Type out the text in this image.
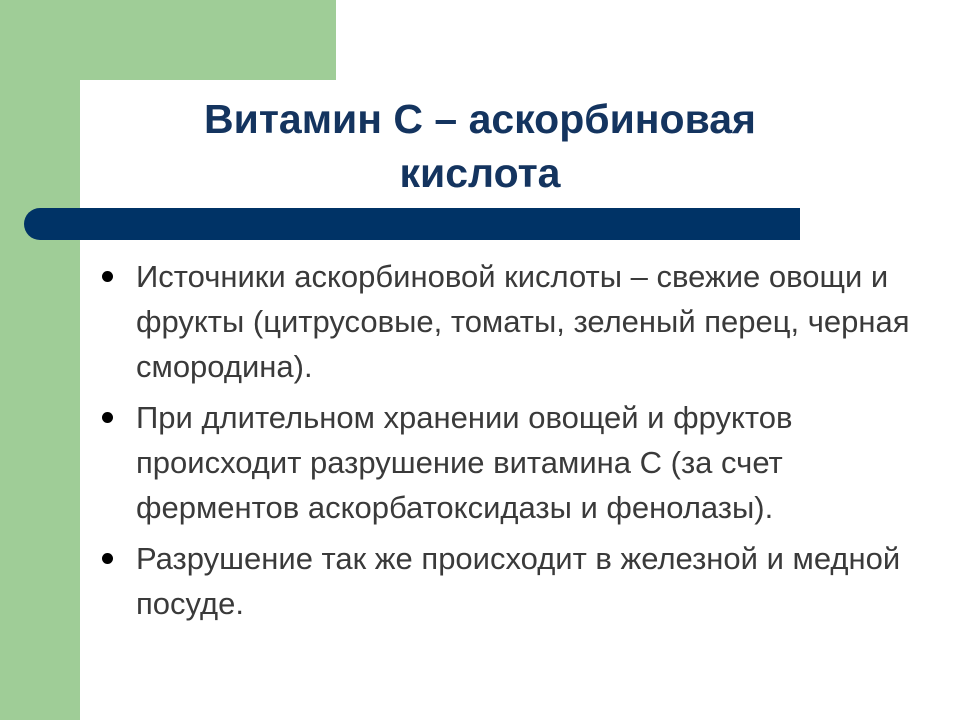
Витамин С – аскорбиновая
кислота
Источники аскорбиновой кислоты – свежие овощи и фрукты (цитрусовые, томаты, зеленый перец, черная смородина).
При длительном хранении овощей и фруктов происходит разрушение витамина С (за счет ферментов аскорбатоксидазы и фенолазы).
Разрушение так же происходит в железной и медной посуде.
